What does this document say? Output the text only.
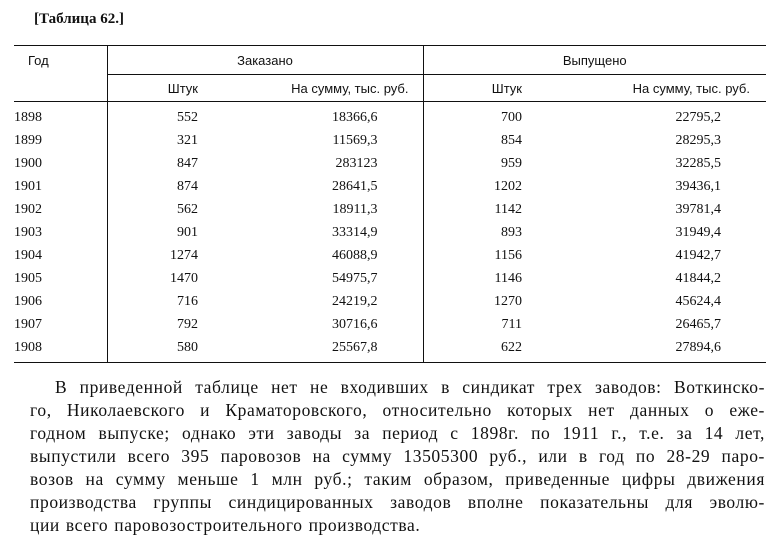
[Таблица 62.]
Год	Заказано		Выпущено	
	Штук	На сумму, тыс. руб.	Штук	На сумму, тыс. руб.
1898	552	18366,6	700	22795,2
1899	321	11569,3	854	28295,3
1900	847	283123	959	32285,5
1901	874	28641,5	1202	39436,1
1902	562	18911,3	1142	39781,4
1903	901	33314,9	893	31949,4
1904	1274	46088,9	1156	41942,7
1905	1470	54975,7	1146	41844,2
1906	716	24219,2	1270	45624,4
1907	792	30716,6	711	26465,7
1908	580	25567,8	622	27894,6
В приведенной таблице нет не входивших в синдикат трех заводов: Воткинско-
го, Николаевского и Краматоровского, относительно которых нет данных о еже-
годном выпуске; однако эти заводы за период с 1898г. по 1911 г., т.е. за 14 лет,
выпустили всего 395 паровозов на сумму 13505300 руб., или в год по 28-29 паро-
возов на сумму меньше 1 млн руб.; таким образом, приведенные цифры движения
производства группы синдицированных заводов вполне показательны для эволю-
ции всего паровозостроительного производства.
